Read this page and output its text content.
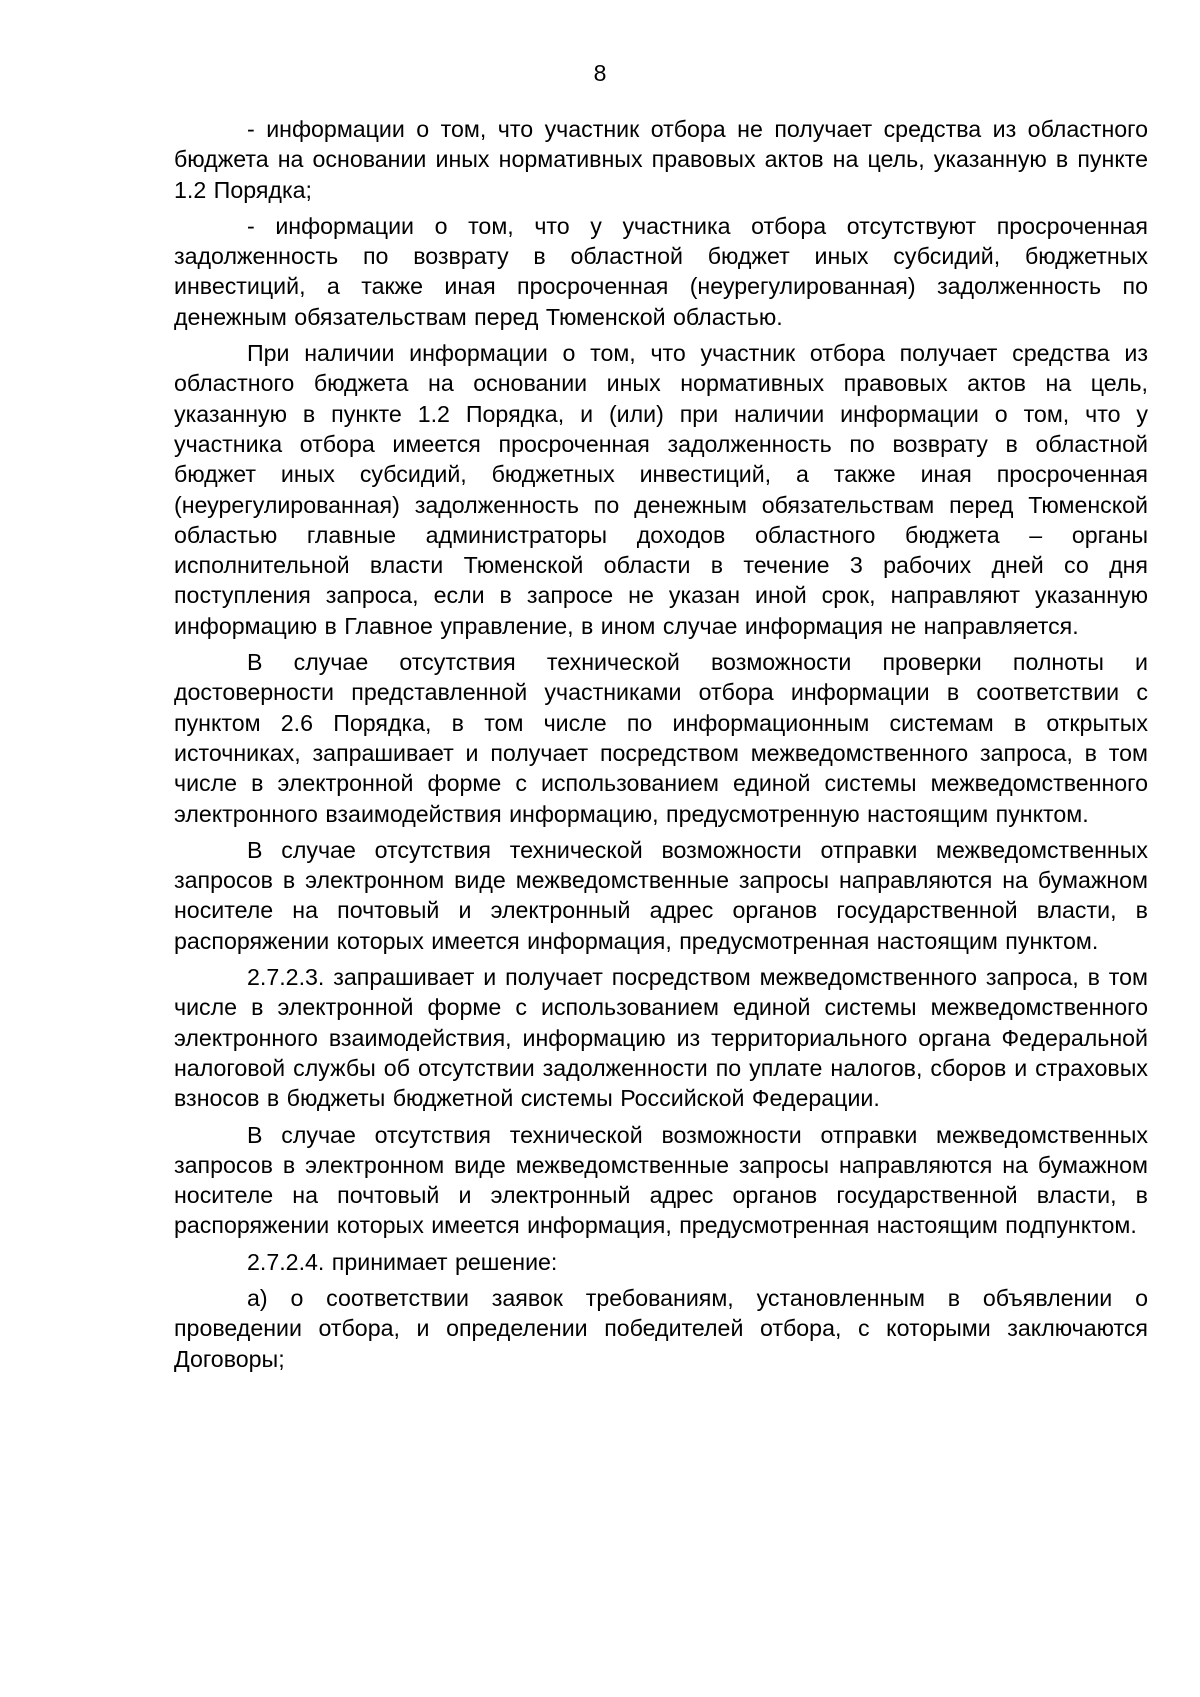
8

- информации о том, что участник отбора не получает средства из областного бюджета на основании иных нормативных правовых актов на цель, указанную в пункте 1.2 Порядка;

- информации о том, что у участника отбора отсутствуют просроченная задолженность по возврату в областной бюджет иных субсидий, бюджетных инвестиций, а также иная просроченная (неурегулированная) задолженность по денежным обязательствам перед Тюменской областью.

При наличии информации о том, что участник отбора получает средства из областного бюджета на основании иных нормативных правовых актов на цель, указанную в пункте 1.2 Порядка, и (или) при наличии информации о том, что у участника отбора имеется просроченная задолженность по возврату в областной бюджет иных субсидий, бюджетных инвестиций, а также иная просроченная (неурегулированная) задолженность по денежным обязательствам перед Тюменской областью главные администраторы доходов областного бюджета – органы исполнительной власти Тюменской области в течение 3 рабочих дней со дня поступления запроса, если в запросе не указан иной срок, направляют указанную информацию в Главное управление, в ином случае информация не направляется.

В случае отсутствия технической возможности проверки полноты и достоверности представленной участниками отбора информации в соответствии с пунктом 2.6 Порядка, в том числе по информационным системам в открытых источниках, запрашивает и получает посредством межведомственного запроса, в том числе в электронной форме с использованием единой системы межведомственного электронного взаимодействия информацию, предусмотренную настоящим пунктом.

В случае отсутствия технической возможности отправки межведомственных запросов в электронном виде межведомственные запросы направляются на бумажном носителе на почтовый и электронный адрес органов государственной власти, в распоряжении которых имеется информация, предусмотренная настоящим пунктом.

2.7.2.3. запрашивает и получает посредством межведомственного запроса, в том числе в электронной форме с использованием единой системы межведомственного электронного взаимодействия, информацию из территориального органа Федеральной налоговой службы об отсутствии задолженности по уплате налогов, сборов и страховых взносов в бюджеты бюджетной системы Российской Федерации.

В случае отсутствия технической возможности отправки межведомственных запросов в электронном виде межведомственные запросы направляются на бумажном носителе на почтовый и электронный адрес органов государственной власти, в распоряжении которых имеется информация, предусмотренная настоящим подпунктом.

2.7.2.4. принимает решение:

а) о соответствии заявок требованиям, установленным в объявлении о проведении отбора, и определении победителей отбора, с которыми заключаются Договоры;
